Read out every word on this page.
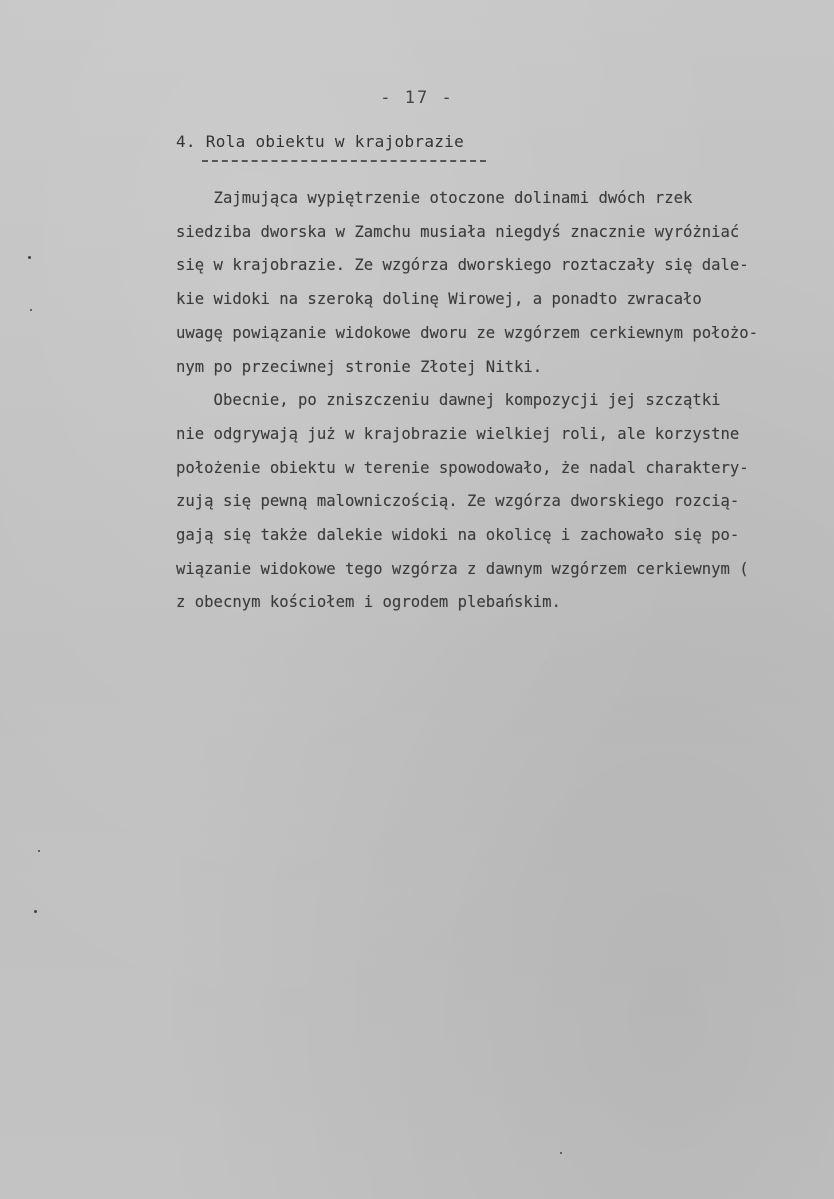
- 17 -
4. Rola obiektu w krajobrazie
Zajmująca wypiętrzenie otoczone dolinami dwóch rzek
siedziba dworska w Zamchu musiała niegdyś znacznie wyróżniać
się w krajobrazie. Ze wzgórza dworskiego roztaczały się dale-
kie widoki na szeroką dolinę Wirowej, a ponadto zwracało
uwagę powiązanie widokowe dworu ze wzgórzem cerkiewnym położo-
nym po przeciwnej stronie Złotej Nitki.
Obecnie, po zniszczeniu dawnej kompozycji jej szczątki
nie odgrywają już w krajobrazie wielkiej roli, ale korzystne
położenie obiektu w terenie spowodowało, że nadal charaktery-
zują się pewną malowniczością. Ze wzgórza dworskiego rozcią-
gają się także dalekie widoki na okolicę i zachowało się po-
wiązanie widokowe tego wzgórza z dawnym wzgórzem cerkiewnym (
z obecnym kościołem i ogrodem plebańskim.
